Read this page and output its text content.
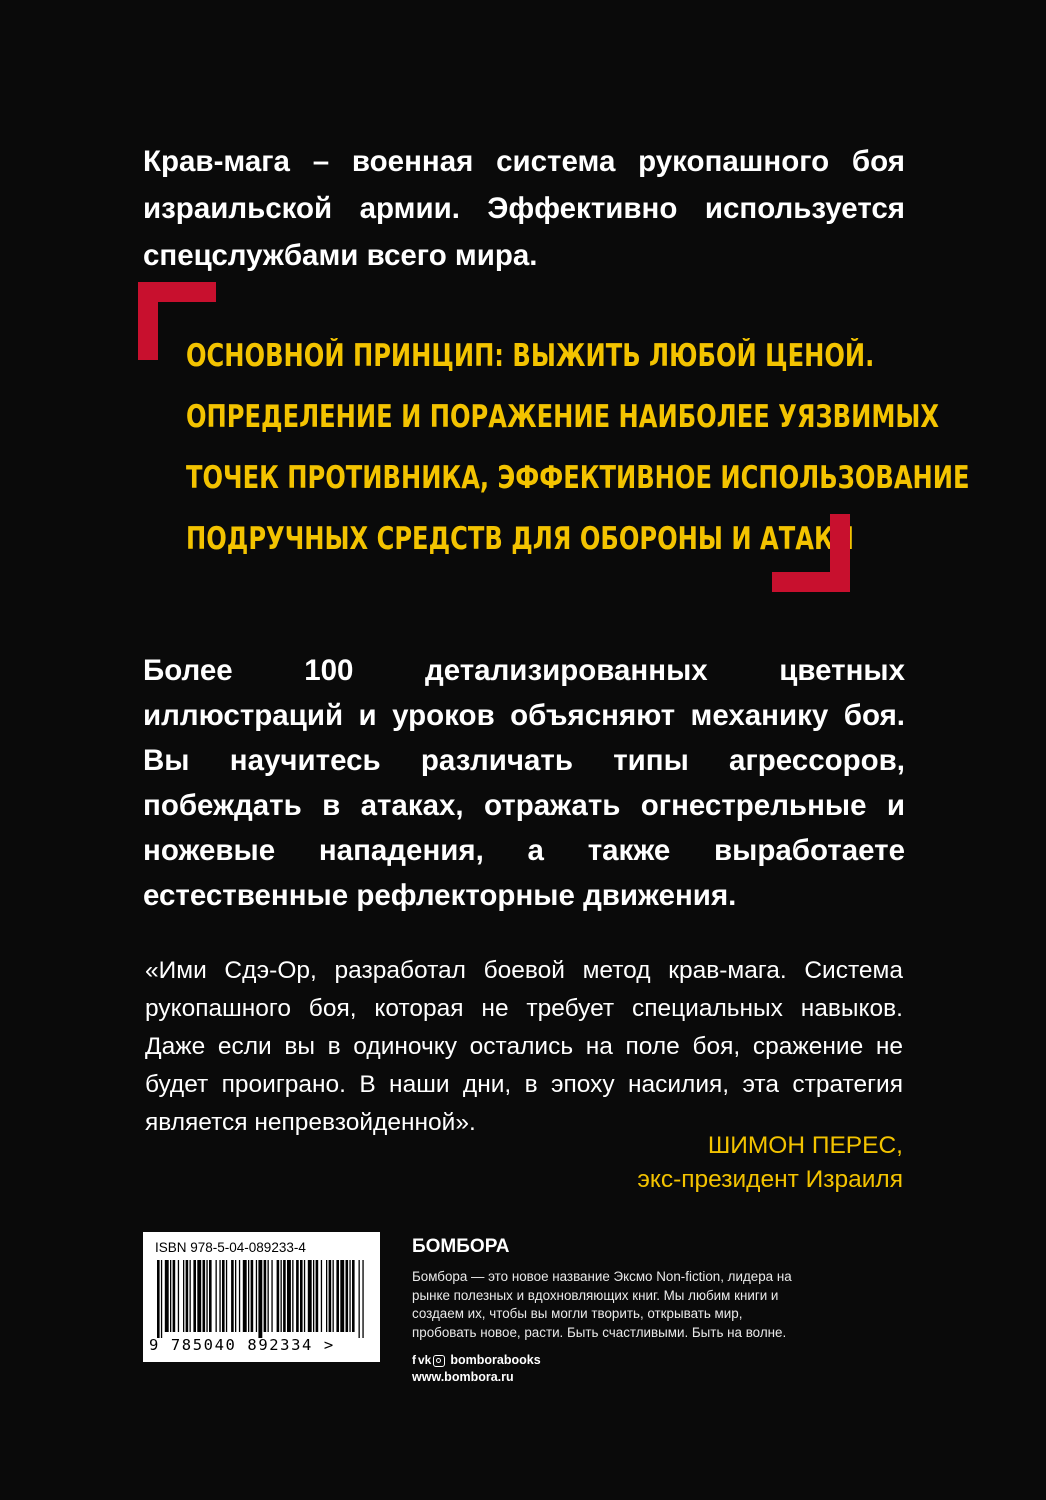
Крав-мага – военная система рукопашного боя израильской армии. Эффективно используется спецслужбами всего мира.
ОСНОВНОЙ ПРИНЦИП: ВЫЖИТЬ ЛЮБОЙ ЦЕНОЙ.
ОПРЕДЕЛЕНИЕ И ПОРАЖЕНИЕ НАИБОЛЕЕ УЯЗВИМЫХ
ТОЧЕК ПРОТИВНИКА, ЭФФЕКТИВНОЕ ИСПОЛЬЗОВАНИЕ
ПОДРУЧНЫХ СРЕДСТВ ДЛЯ ОБОРОНЫ И АТАКИ
Более 100 детализированных цветных иллюстраций и уроков объясняют механику боя. Вы научитесь различать типы агрессоров, побеждать в атаках, отражать огнестрельные и ножевые нападения, а также выработаете естественные рефлекторные движения.
«Ими Сдэ-Ор, разработал боевой метод крав-мага. Система рукопашного боя, которая не требует специальных навыков. Даже если вы в одиночку остались на поле боя, сражение не будет проиграно. В наши дни, в эпоху насилия, эта стратегия является непревзойденной».
ШИМОН ПЕРЕС,
экс-президент Израиля
ISBN 978-5-04-089233-4
9 785040 892334 >
БОМБОРА
Бомбора — это новое название Эксмо Non-fiction, лидера на рынке полезных и вдохновляющих книг. Мы любим книги и создаем их, чтобы вы могли творить, открывать мир, пробовать новое, расти. Быть счастливыми. Быть на волне.
f vk bomborabooks
www.bombora.ru
